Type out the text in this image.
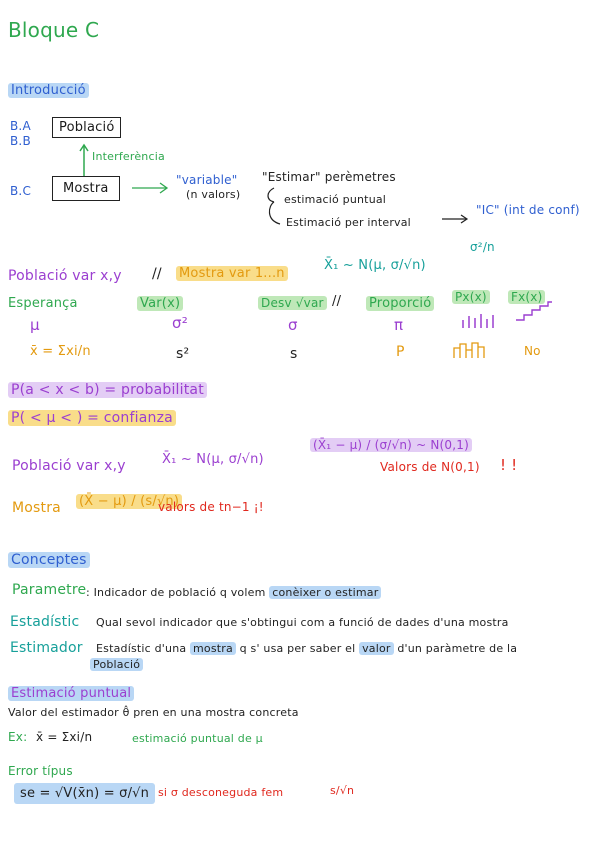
Bloque C
Introducció
B.A
B.B
Població
Interferència
B.C	Mostra
"variable"
(n valors)
"Estimar" perèmetres
estimació puntual
Estimació per interval
"IC" (int de conf)
Població var x,y // Mostra var 1...n
X̄₁ ~ N(μ, σ/√n)
σ²/n
Esperança	Var(x)	Desv √var // Proporció Px(x) Fx(x)
μ	σ²	σ	π
x̄ = Σxi/n	s²	s	P	No
P(a < x < b) = probabilitat
P( < μ < ) = confianza
Població var x,y	X̄₁ ~ N(μ, σ/√n)
(X̄₁ − μ) / (σ/√n) ~ N(0,1)
Valors de N(0,1) ! !
Mostra (X̄ − μ) / (s/√n)
valors de tn−1 ¡!
Conceptes
Parametre : Indicador de població q volem conèixer o estimar
Estadístic Qual sevol indicador que s'obtingui com a funció de dades d'una mostra
Estimador Estadístic d'una mostra q s' usa per saber el valor d'un paràmetre de la
Població
Estimació puntual
Valor del estimador θ̂ pren en una mostra concreta
Ex: x̄ = Σxi/n	estimació puntual de μ
Error típus
se = √V(x̄n) = σ/√n si σ desconeguda fem	s/√n
